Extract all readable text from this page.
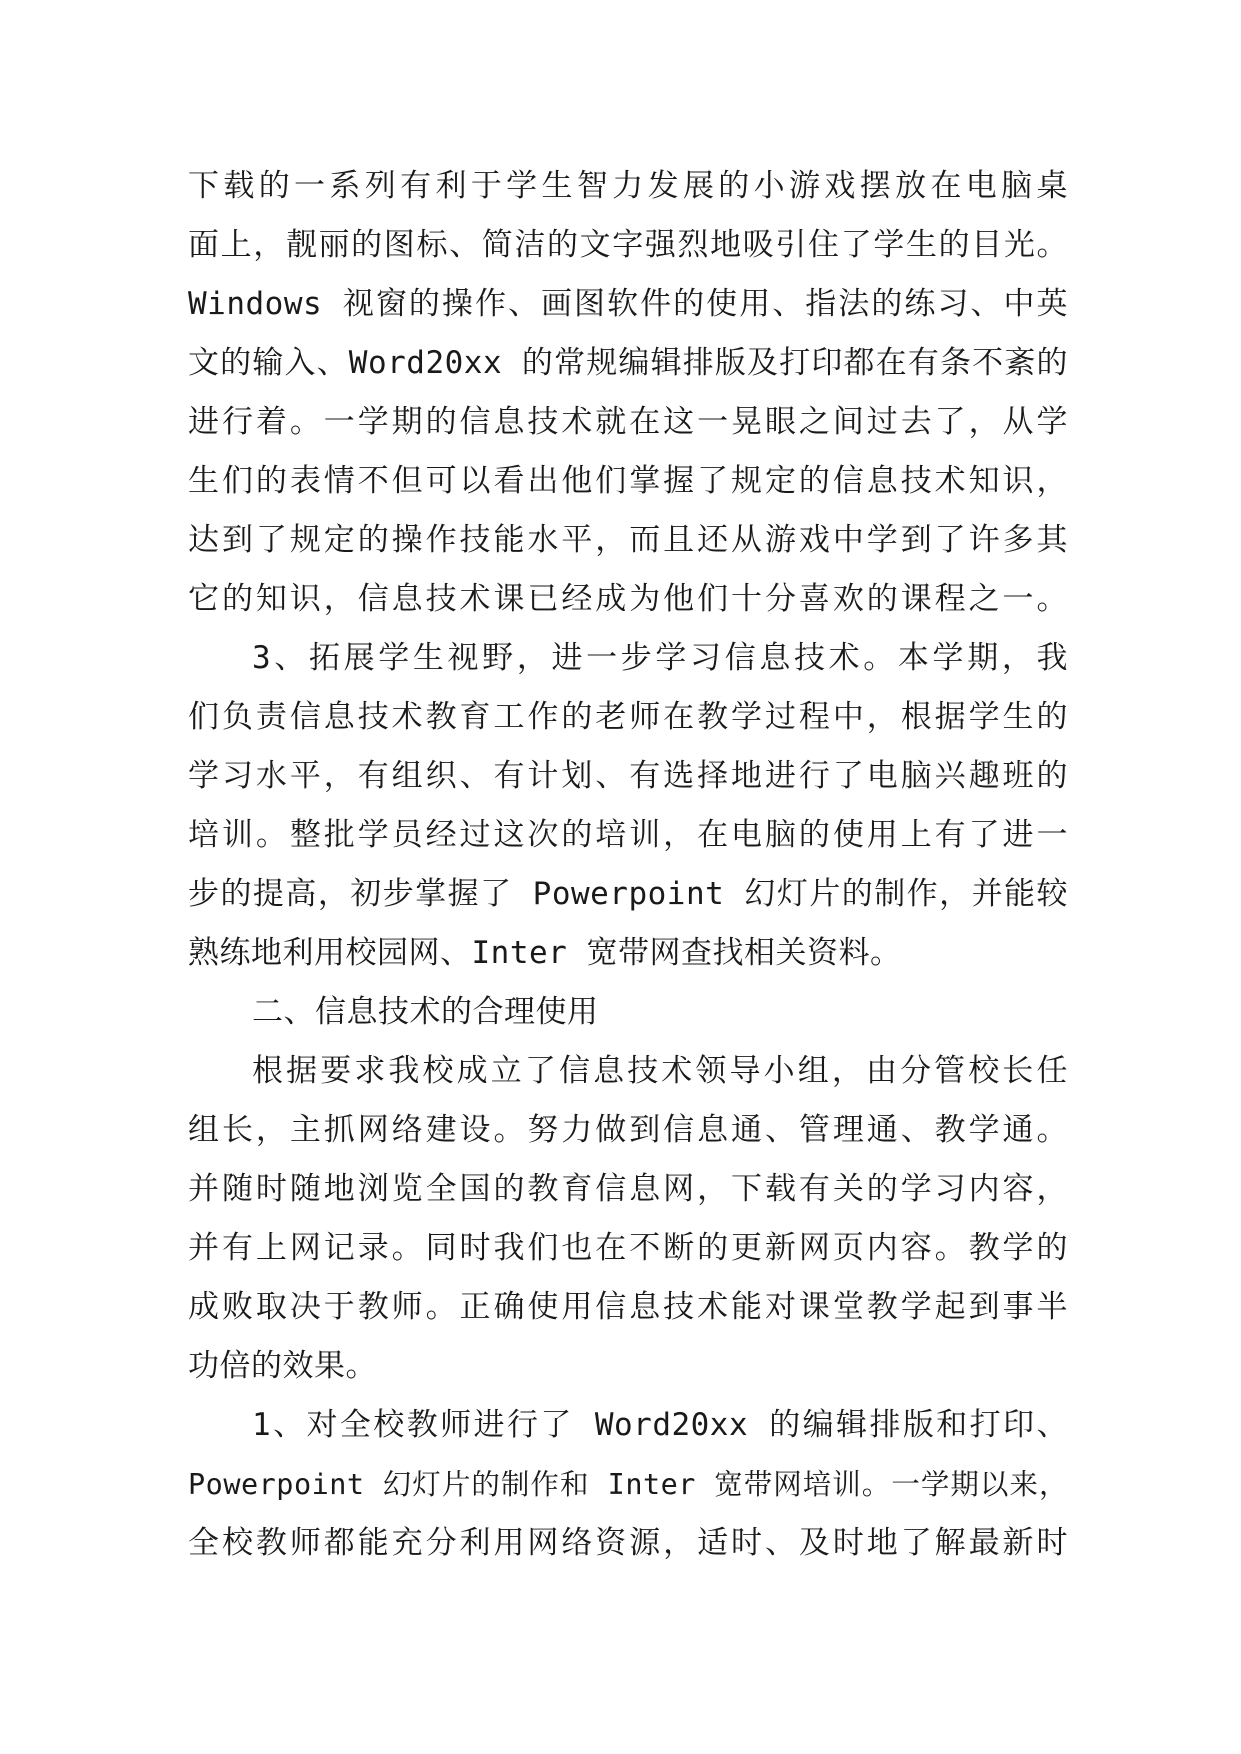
下载的一系列有利于学生智力发展的小游戏摆放在电脑桌
面上，靓丽的图标、简洁的文字强烈地吸引住了学生的目光。
Windows 视窗的操作、画图软件的使用、指法的练习、中英
文的输入、Word20xx 的常规编辑排版及打印都在有条不紊的
进行着。一学期的信息技术就在这一晃眼之间过去了，从学
生们的表情不但可以看出他们掌握了规定的信息技术知识，
达到了规定的操作技能水平，而且还从游戏中学到了许多其
它的知识，信息技术课已经成为他们十分喜欢的课程之一。
3、拓展学生视野，进一步学习信息技术。本学期，我
们负责信息技术教育工作的老师在教学过程中，根据学生的
学习水平，有组织、有计划、有选择地进行了电脑兴趣班的
培训。整批学员经过这次的培训，在电脑的使用上有了进一
步的提高，初步掌握了 Powerpoint 幻灯片的制作，并能较
熟练地利用校园网、Inter 宽带网查找相关资料。
二、信息技术的合理使用
根据要求我校成立了信息技术领导小组，由分管校长任
组长，主抓网络建设。努力做到信息通、管理通、教学通。
并随时随地浏览全国的教育信息网，下载有关的学习内容，
并有上网记录。同时我们也在不断的更新网页内容。教学的
成败取决于教师。正确使用信息技术能对课堂教学起到事半
功倍的效果。
1、对全校教师进行了 Word20xx 的编辑排版和打印、
Powerpoint 幻灯片的制作和 Inter 宽带网培训。一学期以来，
全校教师都能充分利用网络资源，适时、及时地了解最新时
